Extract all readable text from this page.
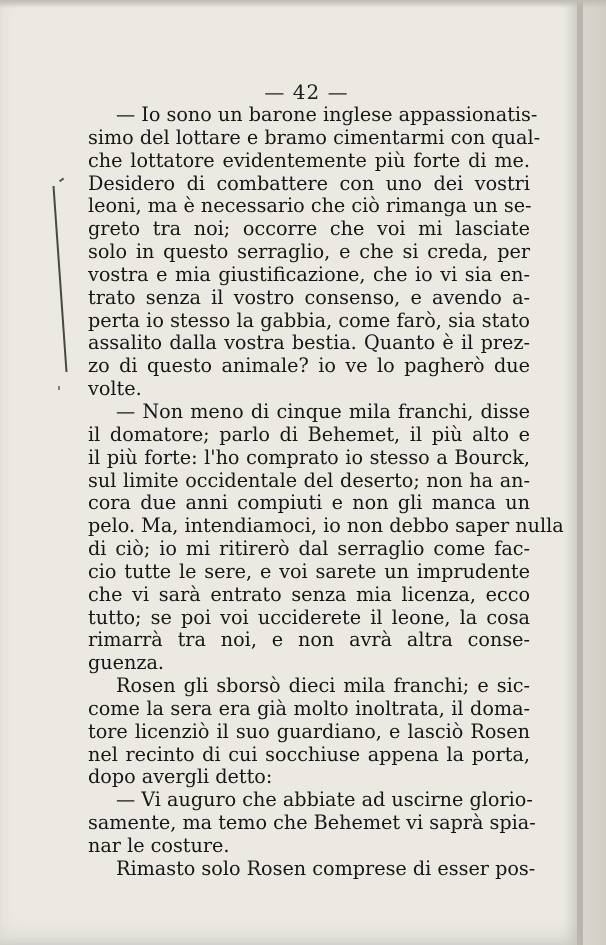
— 42 —
— Io sono un barone inglese appassionatis-
simo del lottare e bramo cimentarmi con qual-
che lottatore evidentemente più forte di me.
Desidero di combattere con uno dei vostri
leoni, ma è necessario che ciò rimanga un se-
greto tra noi; occorre che voi mi lasciate
solo in questo serraglio, e che si creda, per
vostra e mia giustificazione, che io vi sia en-
trato senza il vostro consenso, e avendo a-
perta io stesso la gabbia, come farò, sia stato
assalito dalla vostra bestia. Quanto è il prez-
zo di questo animale? io ve lo pagherò due
volte.
— Non meno di cinque mila franchi, disse
il domatore; parlo di Behemet, il più alto e
il più forte: l'ho comprato io stesso a Bourck,
sul limite occidentale del deserto; non ha an-
cora due anni compiuti e non gli manca un
pelo. Ma, intendiamoci, io non debbo saper nulla
di ciò; io mi ritirerò dal serraglio come fac-
cio tutte le sere, e voi sarete un imprudente
che vi sarà entrato senza mia licenza, ecco
tutto; se poi voi ucciderete il leone, la cosa
rimarrà tra noi, e non avrà altra conse-
guenza.
Rosen gli sborsò dieci mila franchi; e sic-
come la sera era già molto inoltrata, il doma-
tore licenziò il suo guardiano, e lasciò Rosen
nel recinto di cui socchiuse appena la porta,
dopo avergli detto:
— Vi auguro che abbiate ad uscirne glorio-
samente, ma temo che Behemet vi saprà spia-
nar le costure.
Rimasto solo Rosen comprese di esser pos-
